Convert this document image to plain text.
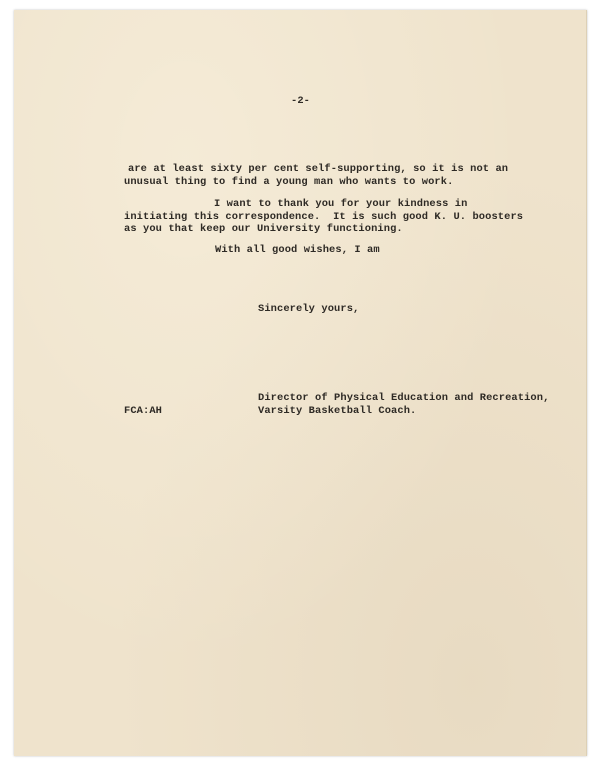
-2-

are at least sixty per cent self-supporting, so it is not an

unusual thing to find a young man who wants to work.

I want to thank you for your kindness in

initiating this correspondence.  It is such good K. U. boosters

as you that keep our University functioning.

With all good wishes, I am

Sincerely yours,

Director of Physical Education and Recreation,

Varsity Basketball Coach.

FCA:AH
